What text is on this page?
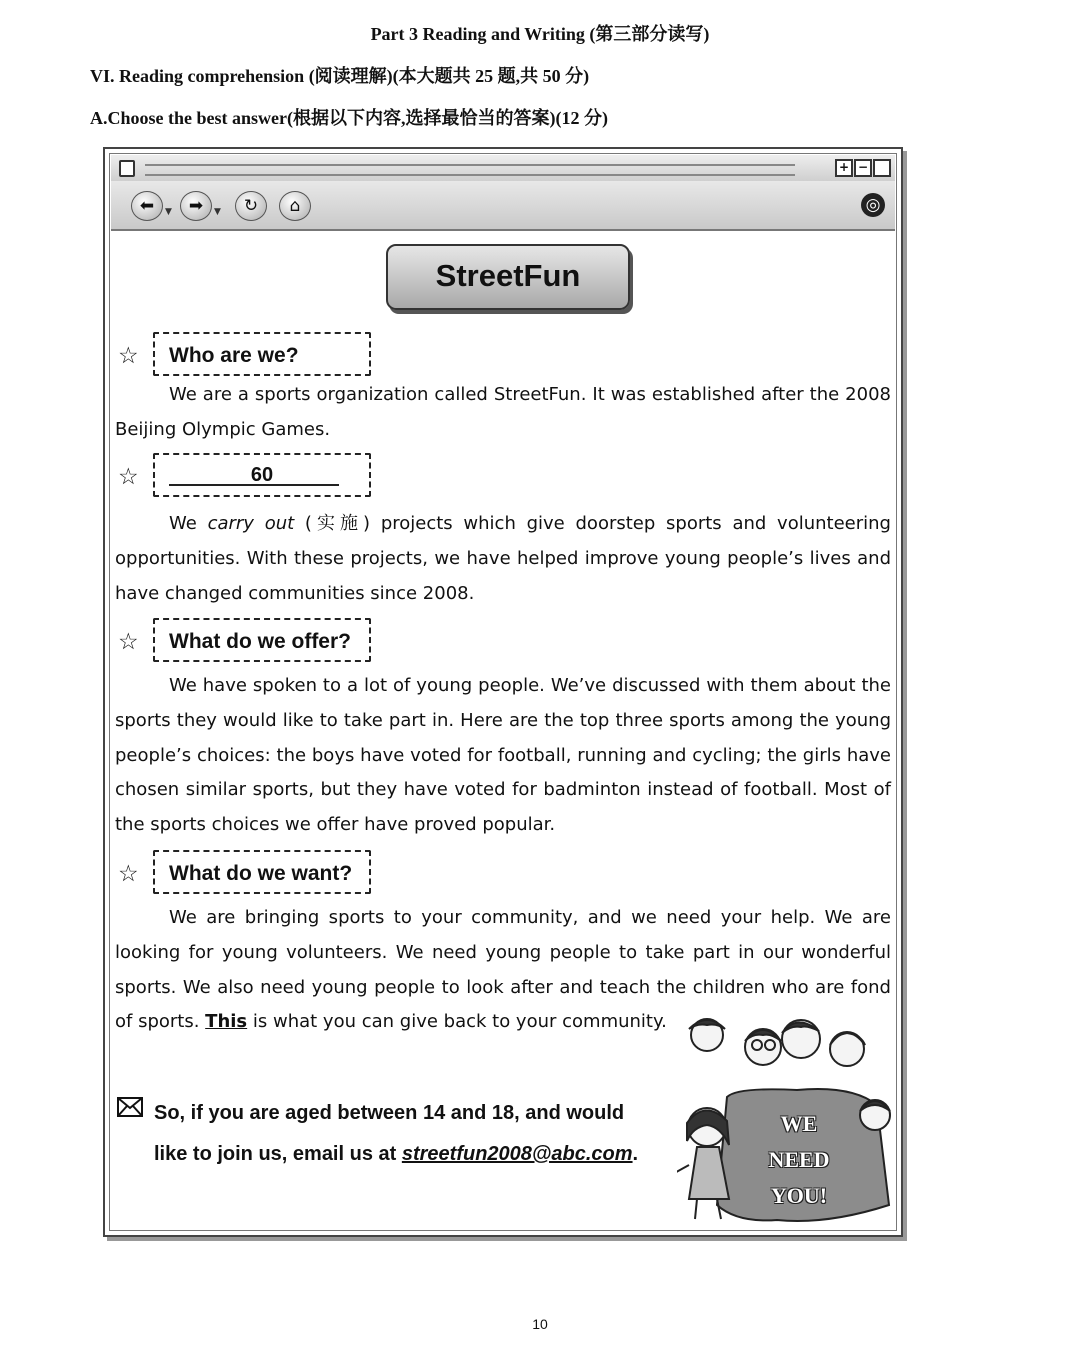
Part 3 Reading and Writing (第三部分读写)
VI. Reading comprehension (阅读理解)(本大题共 25 题,共 50 分)
A.Choose the best answer(根据以下内容,选择最恰当的答案)(12 分)
+ −
⬅	▼ ➡	▼	↻	⌂	◎
StreetFun
☆	Who are we?
We are a sports organization called StreetFun. It was established after the 2008 Beijing Olympic Games.
☆	60
We carry out (实施) projects which give doorstep sports and volunteering opportunities. With these projects, we have helped improve young people’s lives and have changed communities since 2008.
☆	What do we offer?
We have spoken to a lot of young people. We’ve discussed with them about the sports they would like to take part in. Here are the top three sports among the young people’s choices: the boys have voted for football, running and cycling; the girls have chosen similar sports, but they have voted for badminton instead of football. Most of the sports choices we offer have proved popular.
☆	What do we want?
We are bringing sports to your community, and we need your help. We are looking for young volunteers. We need young people to take part in our wonderful sports. We also need young people to look after and teach the children who are fond of sports. This is what you can give back to your community.
So, if you are aged between 14 and 18, and would
like to join us, email us at streetfun2008@abc.com.
WE
NEED
YOU!
10
